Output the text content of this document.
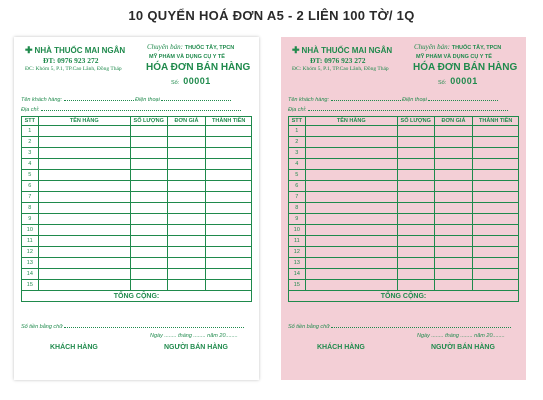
10 QUYỂN HOÁ ĐƠN A5 - 2 LIÊN 100 TỜ/ 1Q
✚ NHÀ THUỐC MAI NGÂN
ĐT: 0976 923 272
ĐC: Khóm 5, P.1, TP.Cao Lãnh, Đồng Tháp
Chuyên bán: THUỐC TÂY, TPCN
MỸ PHẨM VÀ DỤNG CỤ Y TẾ
HÓA ĐƠN BÁN HÀNG
Số: 00001
Tên khách hàng:	Điện thoại
Địa chỉ:
STT	TÊN HÀNG	SỐ LƯỢNG	ĐƠN GIÁ	THÀNH TIỀN
1				
2				
3				
4				
5				
6				
7				
8				
9				
10				
11				
12				
13				
14				
15				
TỔNG CỘNG:				
Số tiền bằng chữ
Ngày ........ tháng ........ năm 20........
KHÁCH HÀNG	NGƯỜI BÁN HÀNG
✚ NHÀ THUỐC MAI NGÂN
ĐT: 0976 923 272
ĐC: Khóm 5, P.1, TP.Cao Lãnh, Đồng Tháp
Chuyên bán: THUỐC TÂY, TPCN
MỸ PHẨM VÀ DỤNG CỤ Y TẾ
HÓA ĐƠN BÁN HÀNG
Số: 00001
Tên khách hàng:	Điện thoại
Địa chỉ:
STT	TÊN HÀNG	SỐ LƯỢNG	ĐƠN GIÁ	THÀNH TIỀN
1				
2				
3				
4				
5				
6				
7				
8				
9				
10				
11				
12				
13				
14				
15				
TỔNG CỘNG:				
Số tiền bằng chữ
Ngày ........ tháng ........ năm 20........
KHÁCH HÀNG	NGƯỜI BÁN HÀNG
